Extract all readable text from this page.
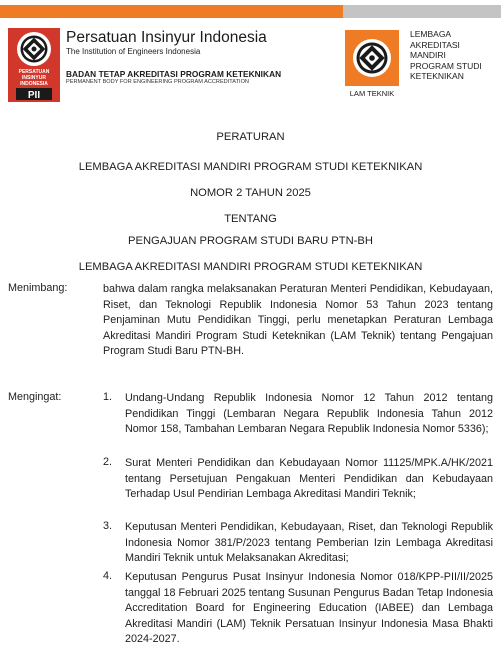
PERSATUAN
INSINYUR
INDONESIA
PII
Persatuan Insinyur Indonesia
The Institution of Engineers Indonesia
BADAN TETAP AKREDITASI PROGRAM KETEKNIKAN
PERMANENT BODY FOR ENGINEERING PROGRAM ACCREDITATION
LAM TEKNIK
LEMBAGA
AKREDITASI
MANDIRI
PROGRAM STUDI
KETEKNIKAN
PERATURAN
LEMBAGA AKREDITASI MANDIRI PROGRAM STUDI KETEKNIKAN
NOMOR 2 TAHUN 2025
TENTANG
PENGAJUAN PROGRAM STUDI BARU PTN-BH
LEMBAGA AKREDITASI MANDIRI PROGRAM STUDI KETEKNIKAN
Menimbang:	bahwa dalam rangka melaksanakan Peraturan Menteri Pendidikan, Kebudayaan, Riset, dan Teknologi Republik Indonesia Nomor 53 Tahun 2023 tentang Penjaminan Mutu Pendidikan Tinggi, perlu menetapkan Peraturan Lembaga Akreditasi Mandiri Program Studi Keteknikan (LAM Teknik) tentang Pengajuan Program Studi Baru PTN-BH.
Mengingat:	1. Undang-Undang Republik Indonesia Nomor 12 Tahun 2012 tentang Pendidikan Tinggi (Lembaran Negara Republik Indonesia Tahun 2012 Nomor 158, Tambahan Lembaran Negara Republik Indonesia Nomor 5336);
2. Surat Menteri Pendidikan dan Kebudayaan Nomor 11125/MPK.A/HK/2021 tentang Persetujuan Pengakuan Menteri Pendidikan dan Kebudayaan Terhadap Usul Pendirian Lembaga Akreditasi Mandiri Teknik;
3. Keputusan Menteri Pendidikan, Kebudayaan, Riset, dan Teknologi Republik Indonesia Nomor 381/P/2023 tentang Pemberian Izin Lembaga Akreditasi Mandiri Teknik untuk Melaksanakan Akreditasi;
4. Keputusan Pengurus Pusat Insinyur Indonesia Nomor 018/KPP-PII/II/2025 tanggal 18 Februari 2025 tentang Susunan Pengurus Badan Tetap Indonesia Accreditation Board for Engineering Education (IABEE) dan Lembaga Akreditasi Mandiri (LAM) Teknik Persatuan Insinyur Indonesia Masa Bhakti 2024-2027.
